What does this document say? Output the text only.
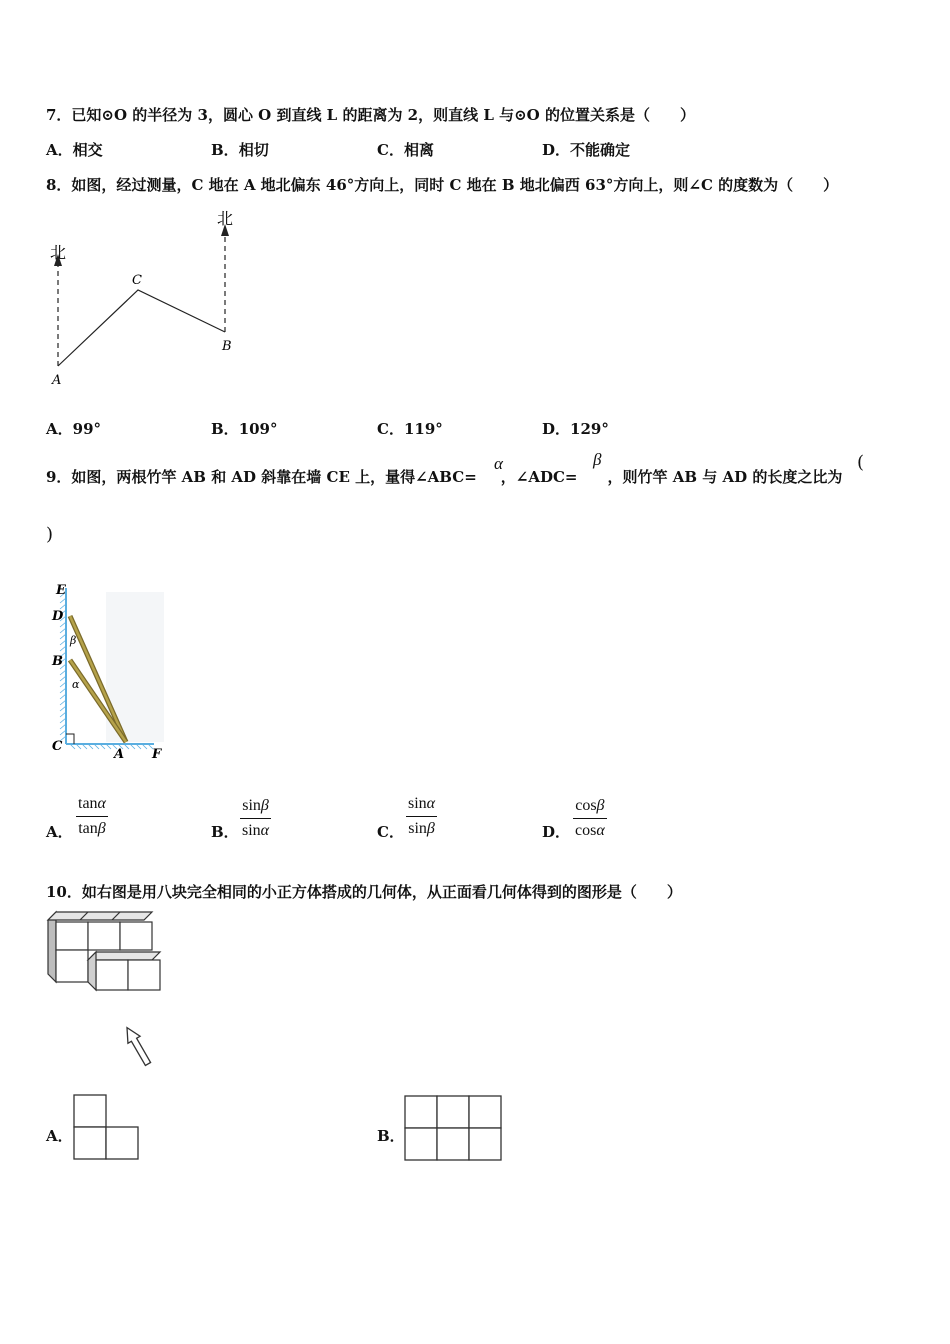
7．已知⊙O 的半径为 3，圆心 O 到直线 L 的距离为 2，则直线 L 与⊙O 的位置关系是（　　）
A．相交	B．相切	C．相离	D．不能确定
8．如图，经过测量，C 地在 A 地北偏东 46°方向上，同时 C 地在 B 地北偏西 63°方向上，则∠C 的度数为（　　）
北
北
A
B
C
A．99°	B．109°	C．119°	D．129°
9．如图，两根竹竿 AB 和 AD 斜靠在墙 CE 上，量得∠ABC= ，∠ADC= ，则竹竿 AB 与 AD 的长度之比为
α	β	(
)
E
D
B
C
A F
β
α
A．
tanα
tanβ	B．
sinβ
sinα	C．
sinα
sinβ	D．
cosβ
cosα
10．如右图是用八块完全相同的小正方体搭成的几何体，从正面看几何体得到的图形是（　　）
A．	B．
